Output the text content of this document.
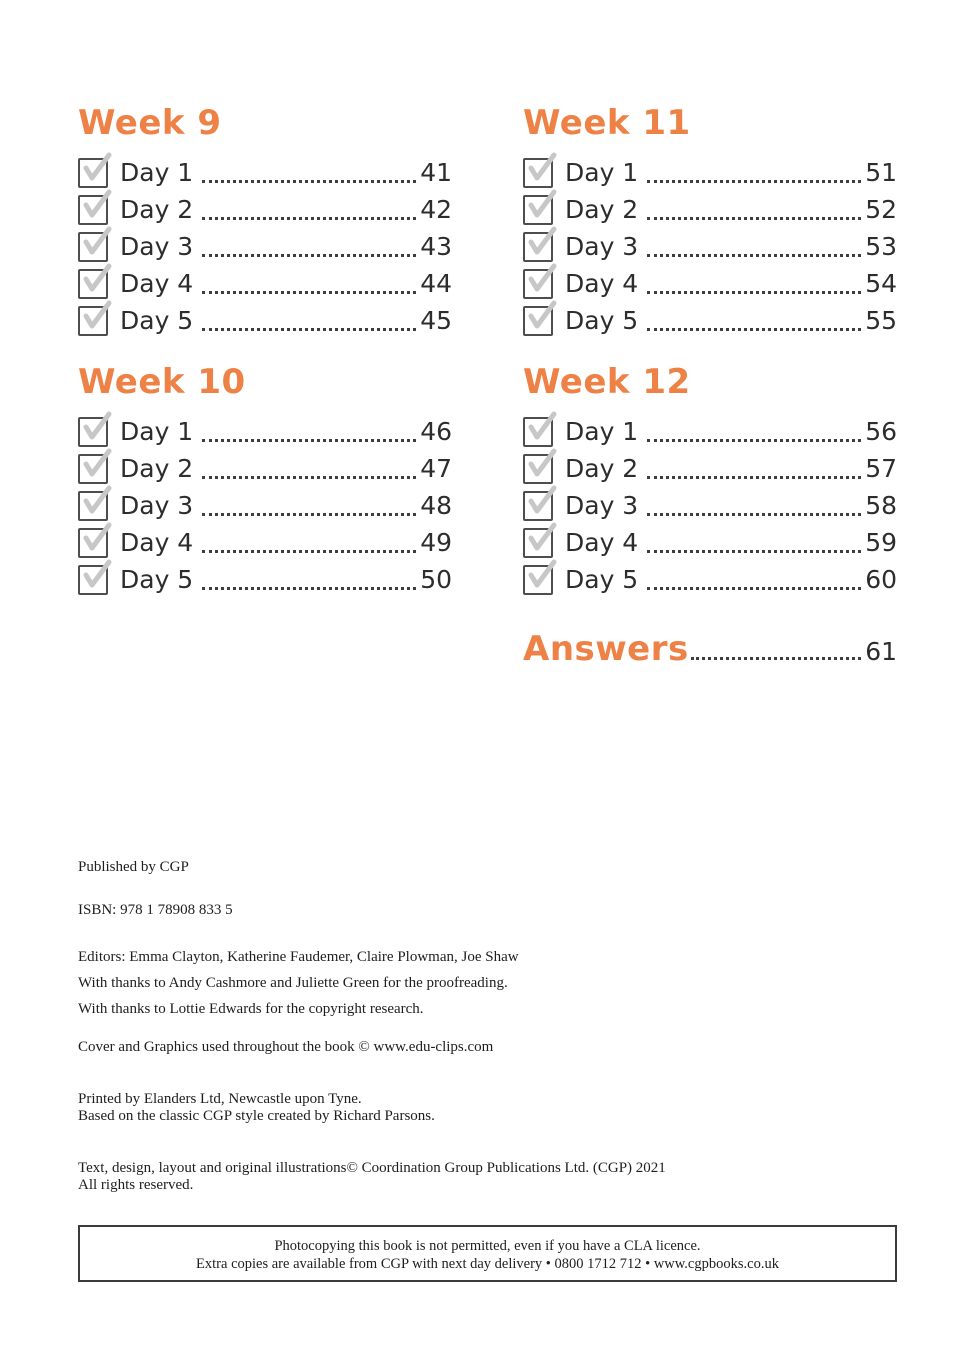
Week 9
Day 1	41
Day 2	42
Day 3	43
Day 4	44
Day 5	45
Week 10
Day 1	46
Day 2	47
Day 3	48
Day 4	49
Day 5	50
Week 11
Day 1	51
Day 2	52
Day 3	53
Day 4	54
Day 5	55
Week 12
Day 1	56
Day 2	57
Day 3	58
Day 4	59
Day 5	60
Answers	61

Published by CGP

ISBN: 978 1 78908 833 5

Editors: Emma Clayton, Katherine Faudemer, Claire Plowman, Joe Shaw

With thanks to Andy Cashmore and Juliette Green for the proofreading.

With thanks to Lottie Edwards for the copyright research.

Cover and Graphics used throughout the book © www.edu-clips.com

Printed by Elanders Ltd, Newcastle upon Tyne.

Based on the classic CGP style created by Richard Parsons.

Text, design, layout and original illustrations© Coordination Group Publications Ltd. (CGP) 2021

All rights reserved.

Photocopying this book is not permitted, even if you have a CLA licence.

Extra copies are available from CGP with next day delivery • 0800 1712 712 • www.cgpbooks.co.uk
